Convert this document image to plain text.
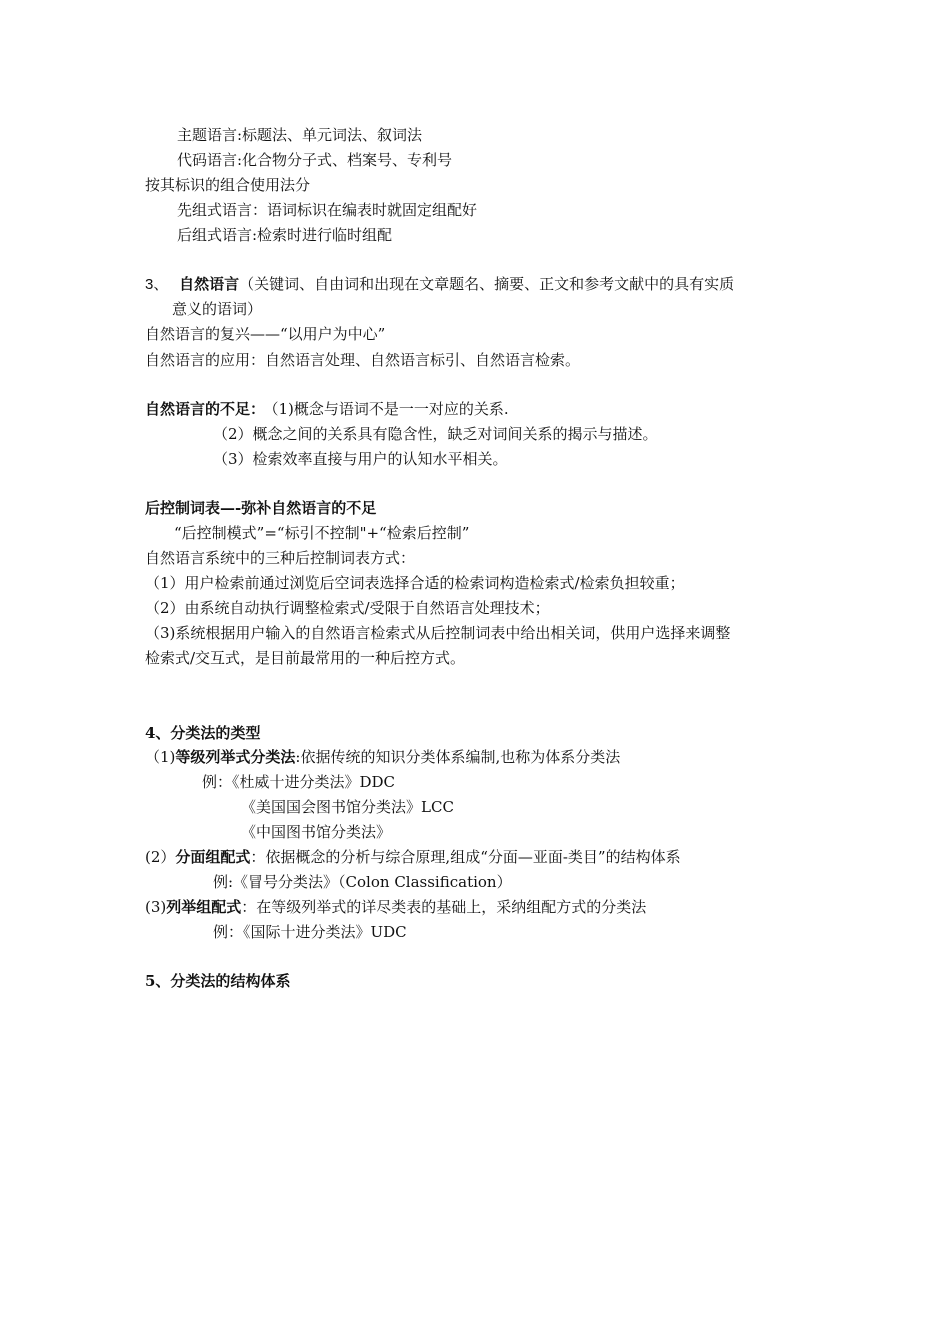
主题语言:标题法、单元词法、叙词法
代码语言:化合物分子式、档案号、专利号
按其标识的组合使用法分
先组式语言：语词标识在编表时就固定组配好
后组式语言:检索时进行临时组配
3、 自然语言（关键词、自由词和出现在文章题名、摘要、正文和参考文献中的具有实质
意义的语词）
自然语言的复兴——“以用户为中心”
自然语言的应用：自然语言处理、自然语言标引、自然语言检索。
自然语言的不足： （1)概念与语词不是一一对应的关系.
（2）概念之间的关系具有隐含性，缺乏对词间关系的揭示与描述。
（3）检索效率直接与用户的认知水平相关。
后控制词表—-弥补自然语言的不足
“后控制模式”=“标引不控制"+“检索后控制”
自然语言系统中的三种后控制词表方式：
（1）用户检索前通过浏览后空词表选择合适的检索词构造检索式/检索负担较重；
（2）由系统自动执行调整检索式/受限于自然语言处理技术；
（3)系统根据用户输入的自然语言检索式从后控制词表中给出相关词，供用户选择来调整
检索式/交互式，是目前最常用的一种后控方式。
4、分类法的类型
（1)等级列举式分类法:依据传统的知识分类体系编制,也称为体系分类法
例：《杜威十进分类法》DDC
《美国国会图书馆分类法》LCC
《中国图书馆分类法》
(2）分面组配式：依据概念的分析与综合原理,组成“分面—亚面-类目”的结构体系
例:《冒号分类法》（Colon Classification）
(3)列举组配式：在等级列举式的详尽类表的基础上，采纳组配方式的分类法
例：《国际十进分类法》UDC
5、分类法的结构体系
